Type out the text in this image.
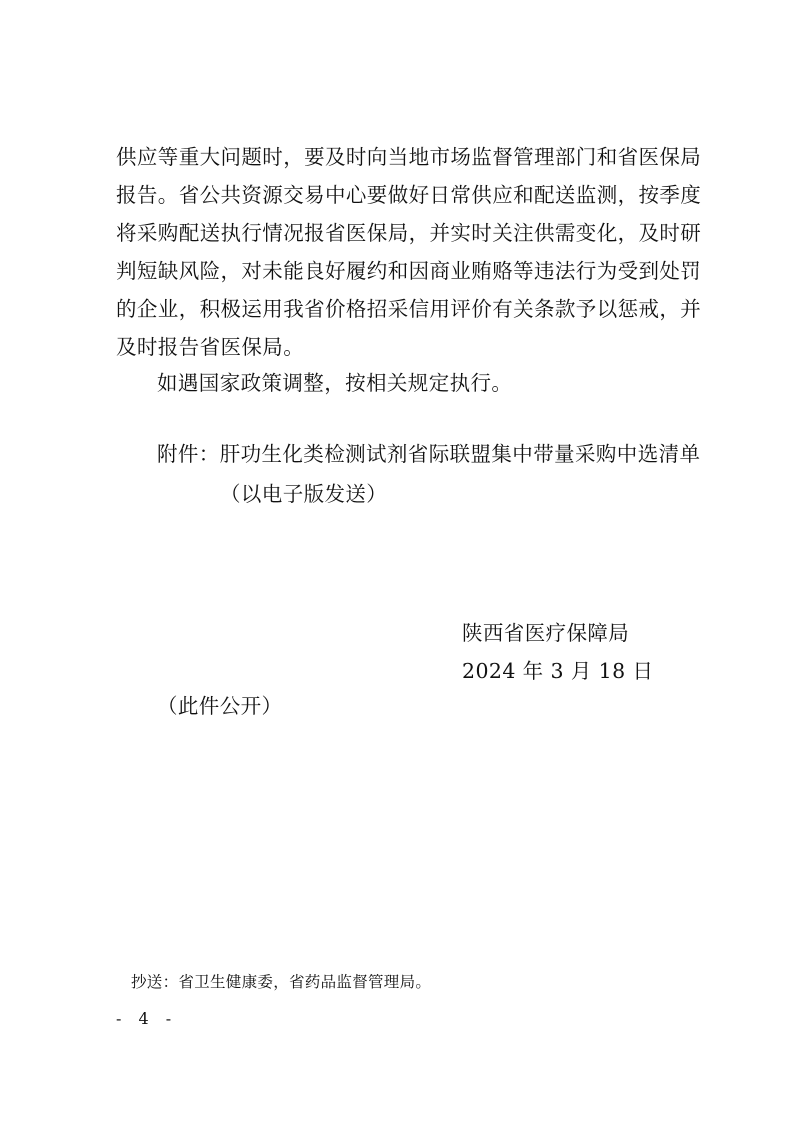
供应等重大问题时，要及时向当地市场监督管理部门和省医保局
报告。省公共资源交易中心要做好日常供应和配送监测，按季度
将采购配送执行情况报省医保局，并实时关注供需变化，及时研
判短缺风险，对未能良好履约和因商业贿赂等违法行为受到处罚
的企业，积极运用我省价格招采信用评价有关条款予以惩戒，并
及时报告省医保局。
如遇国家政策调整，按相关规定执行。
附件：肝功生化类检测试剂省际联盟集中带量采购中选清单
（以电子版发送）
陕西省医疗保障局
2024 年 3 月 18 日
（此件公开）
抄送：省卫生健康委，省药品监督管理局。
- 4 -
